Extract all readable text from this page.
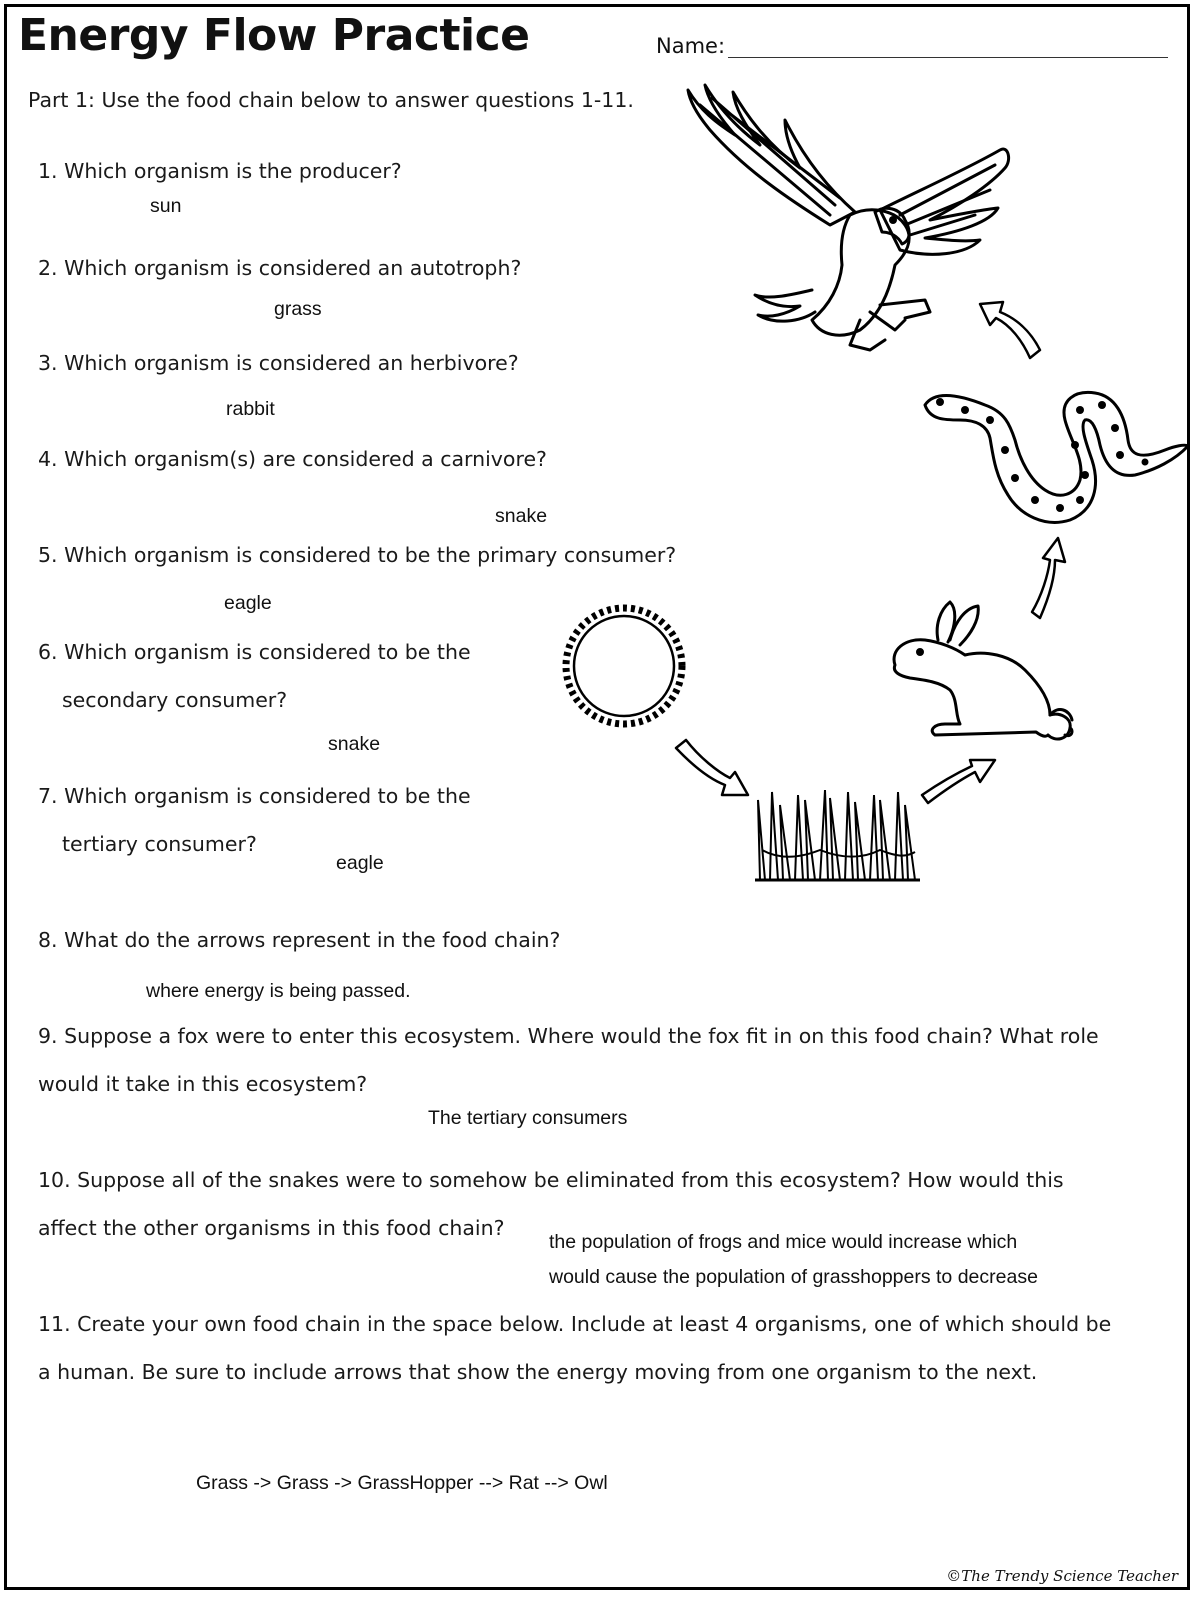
Energy Flow Practice	Name:
Part 1: Use the food chain below to answer questions 1-11.
1. Which organism is the producer?
sun
2. Which organism is considered an autotroph?
grass
3. Which organism is considered an herbivore?
rabbit
4. Which organism(s) are considered a carnivore?
snake
5. Which organism is considered to be the primary consumer?
eagle
6. Which organism is considered to be the
secondary consumer?
snake
7. Which organism is considered to be the
tertiary consumer?
eagle
8. What do the arrows represent in the food chain?
where energy is being passed.
9. Suppose a fox were to enter this ecosystem. Where would the fox fit in on this food chain? What role
would it take in this ecosystem?
The tertiary consumers
10. Suppose all of the snakes were to somehow be eliminated from this ecosystem? How would this
affect the other organisms in this food chain?
the population of frogs and mice would increase which
would cause the population of grasshoppers to decrease
11. Create your own food chain in the space below. Include at least 4 organisms, one of which should be
a human. Be sure to include arrows that show the energy moving from one organism to the next.
Grass -> Grass -> GrassHopper --> Rat --> Owl
©The Trendy Science Teacher
